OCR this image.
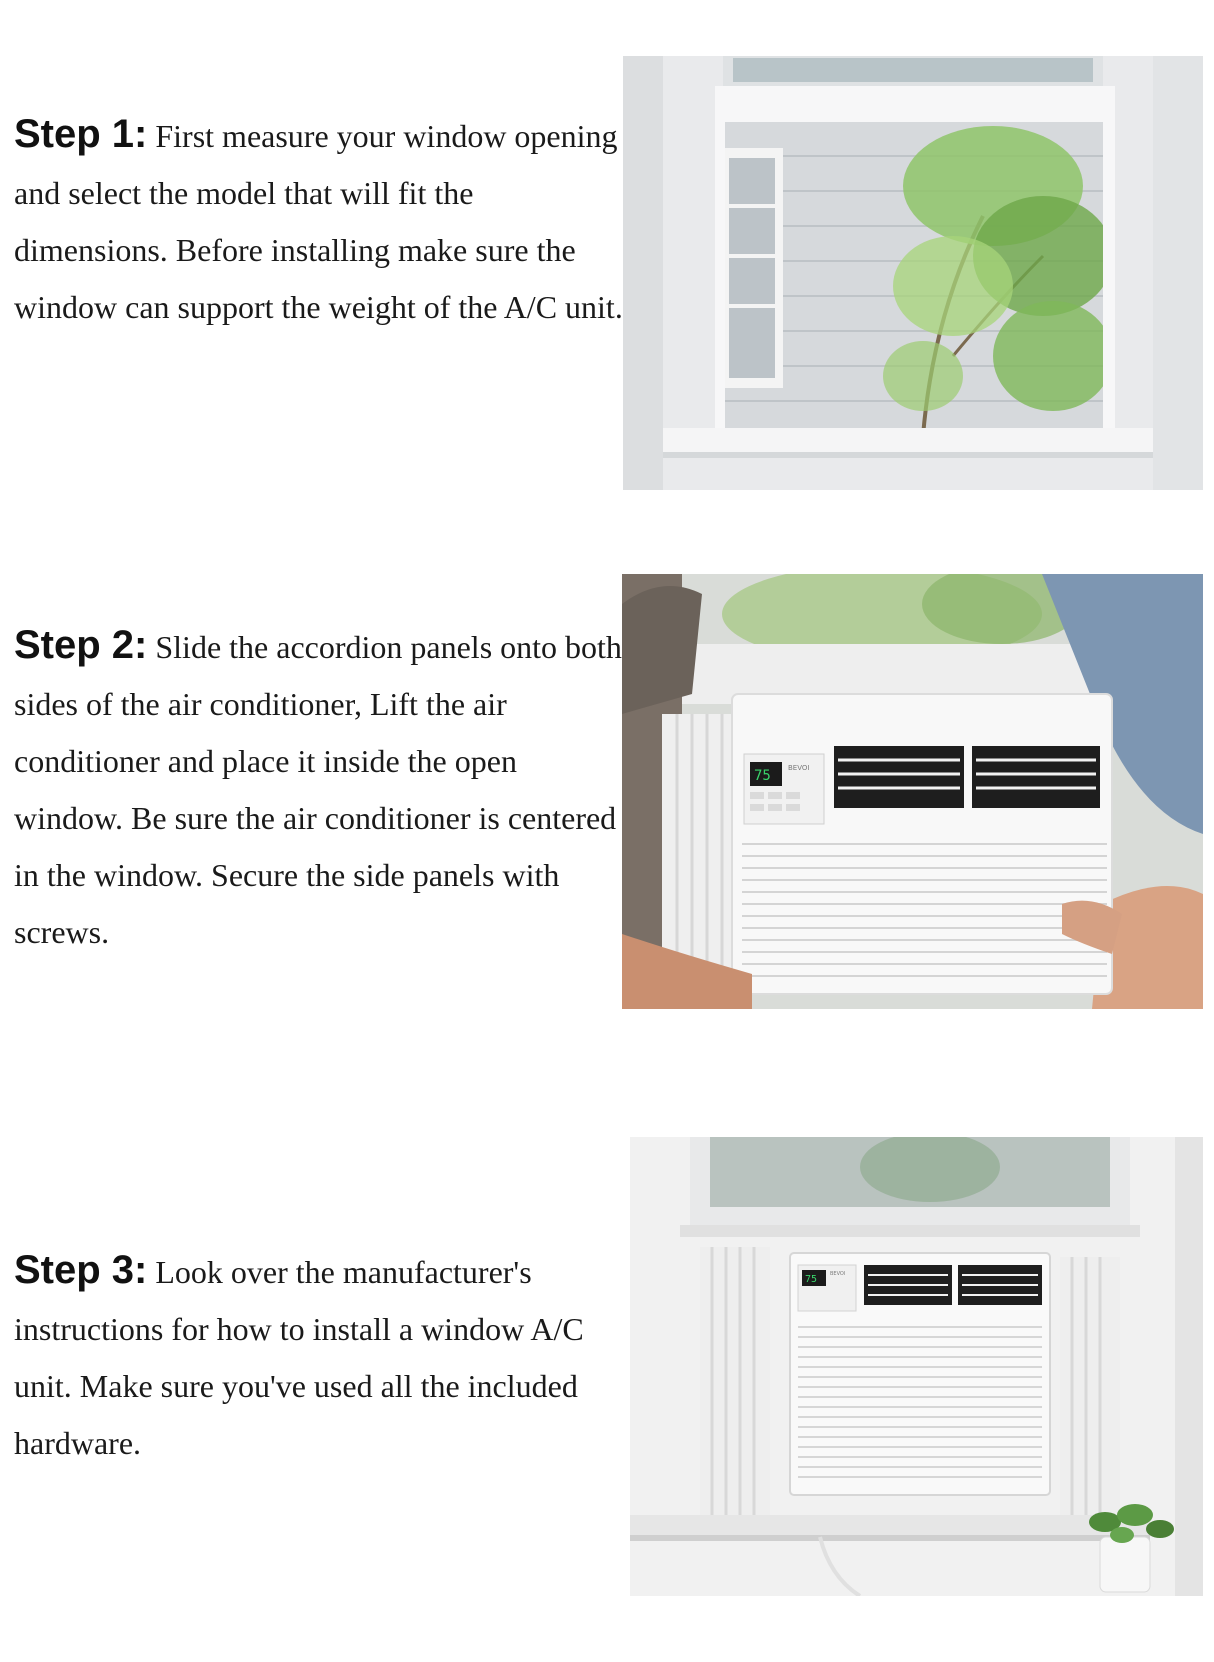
Step 1: First measure your window opening and select the model that will fit the dimensions. Before installing make sure the window can support the weight of the A/C unit.

Step 2: Slide the accordion panels onto both sides of the air conditioner, Lift the air conditioner and place it inside the open window. Be sure the air conditioner is centered in the window. Secure the side panels with screws.

75 BEVOI

Step 3: Look over the manufacturer's instructions for how to install a window A/C unit. Make sure you've used all the included hardware.

75	BEVOI
